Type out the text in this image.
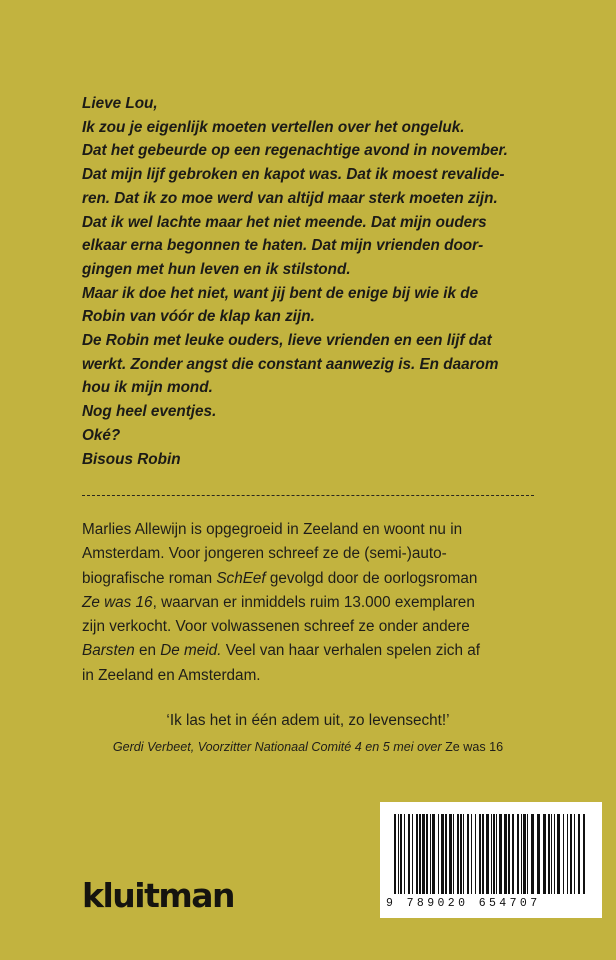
Lieve Lou,
Ik zou je eigenlijk moeten vertellen over het ongeluk.
Dat het gebeurde op een regenachtige avond in november.
Dat mijn lijf gebroken en kapot was. Dat ik moest revalide-
ren. Dat ik zo moe werd van altijd maar sterk moeten zijn.
Dat ik wel lachte maar het niet meende. Dat mijn ouders
elkaar erna begonnen te haten. Dat mijn vrienden door-
gingen met hun leven en ik stilstond.
Maar ik doe het niet, want jij bent de enige bij wie ik de
Robin van vóór de klap kan zijn.
De Robin met leuke ouders, lieve vrienden en een lijf dat
werkt. Zonder angst die constant aanwezig is. En daarom
hou ik mijn mond.
Nog heel eventjes.
Oké?
Bisous Robin
Marlies Allewijn is opgegroeid in Zeeland en woont nu in
Amsterdam. Voor jongeren schreef ze de (semi-)auto-
biografische roman SchEef gevolgd door de oorlogsroman
Ze was 16, waarvan er inmiddels ruim 13.000 exemplaren
zijn verkocht. Voor volwassenen schreef ze onder andere
Barsten en De meid. Veel van haar verhalen spelen zich af
in Zeeland en Amsterdam.
‘Ik las het in één adem uit, zo levensecht!’
Gerdi Verbeet, Voorzitter Nationaal Comité 4 en 5 mei over Ze was 16
kluitman	9 789020 654707
